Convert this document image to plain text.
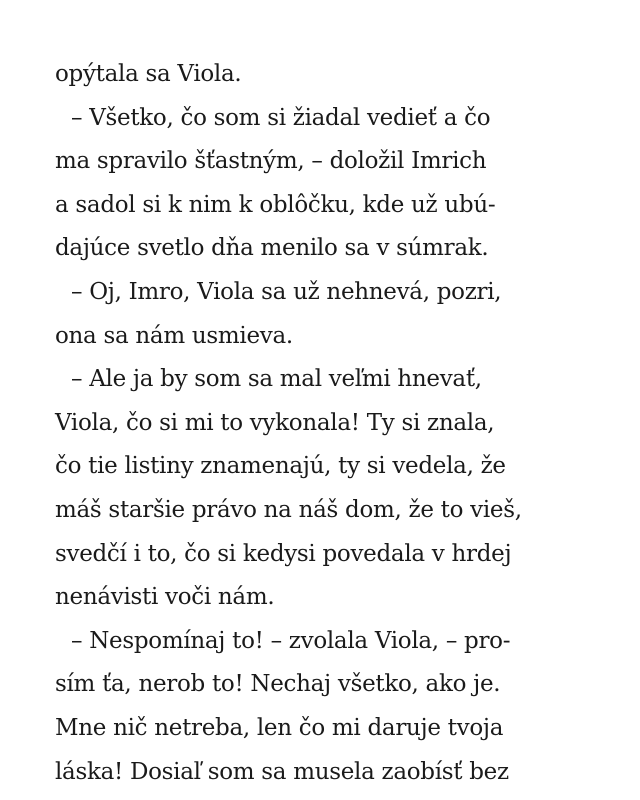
opýtala sa Viola.
– Všetko, čo som si žiadal vedieť a čo
ma spravilo šťastným, – doložil Imrich
a sadol si k nim k oblôčku, kde už ubú-
dajúce svetlo dňa menilo sa v súmrak.
– Oj, Imro, Viola sa už nehnevá, pozri,
ona sa nám usmieva.
– Ale ja by som sa mal veľmi hnevať,
Viola, čo si mi to vykonala! Ty si znala,
čo tie listiny znamenajú, ty si vedela, že
máš staršie právo na náš dom, že to vieš,
svedčí i to, čo si kedysi povedala v hrdej
nenávisti voči nám.
– Nespomínaj to! – zvolala Viola, – pro-
sím ťa, nerob to! Nechaj všetko, ako je.
Mne nič netreba, len čo mi daruje tvoja
láska! Dosiaľ som sa musela zaobísť bez
